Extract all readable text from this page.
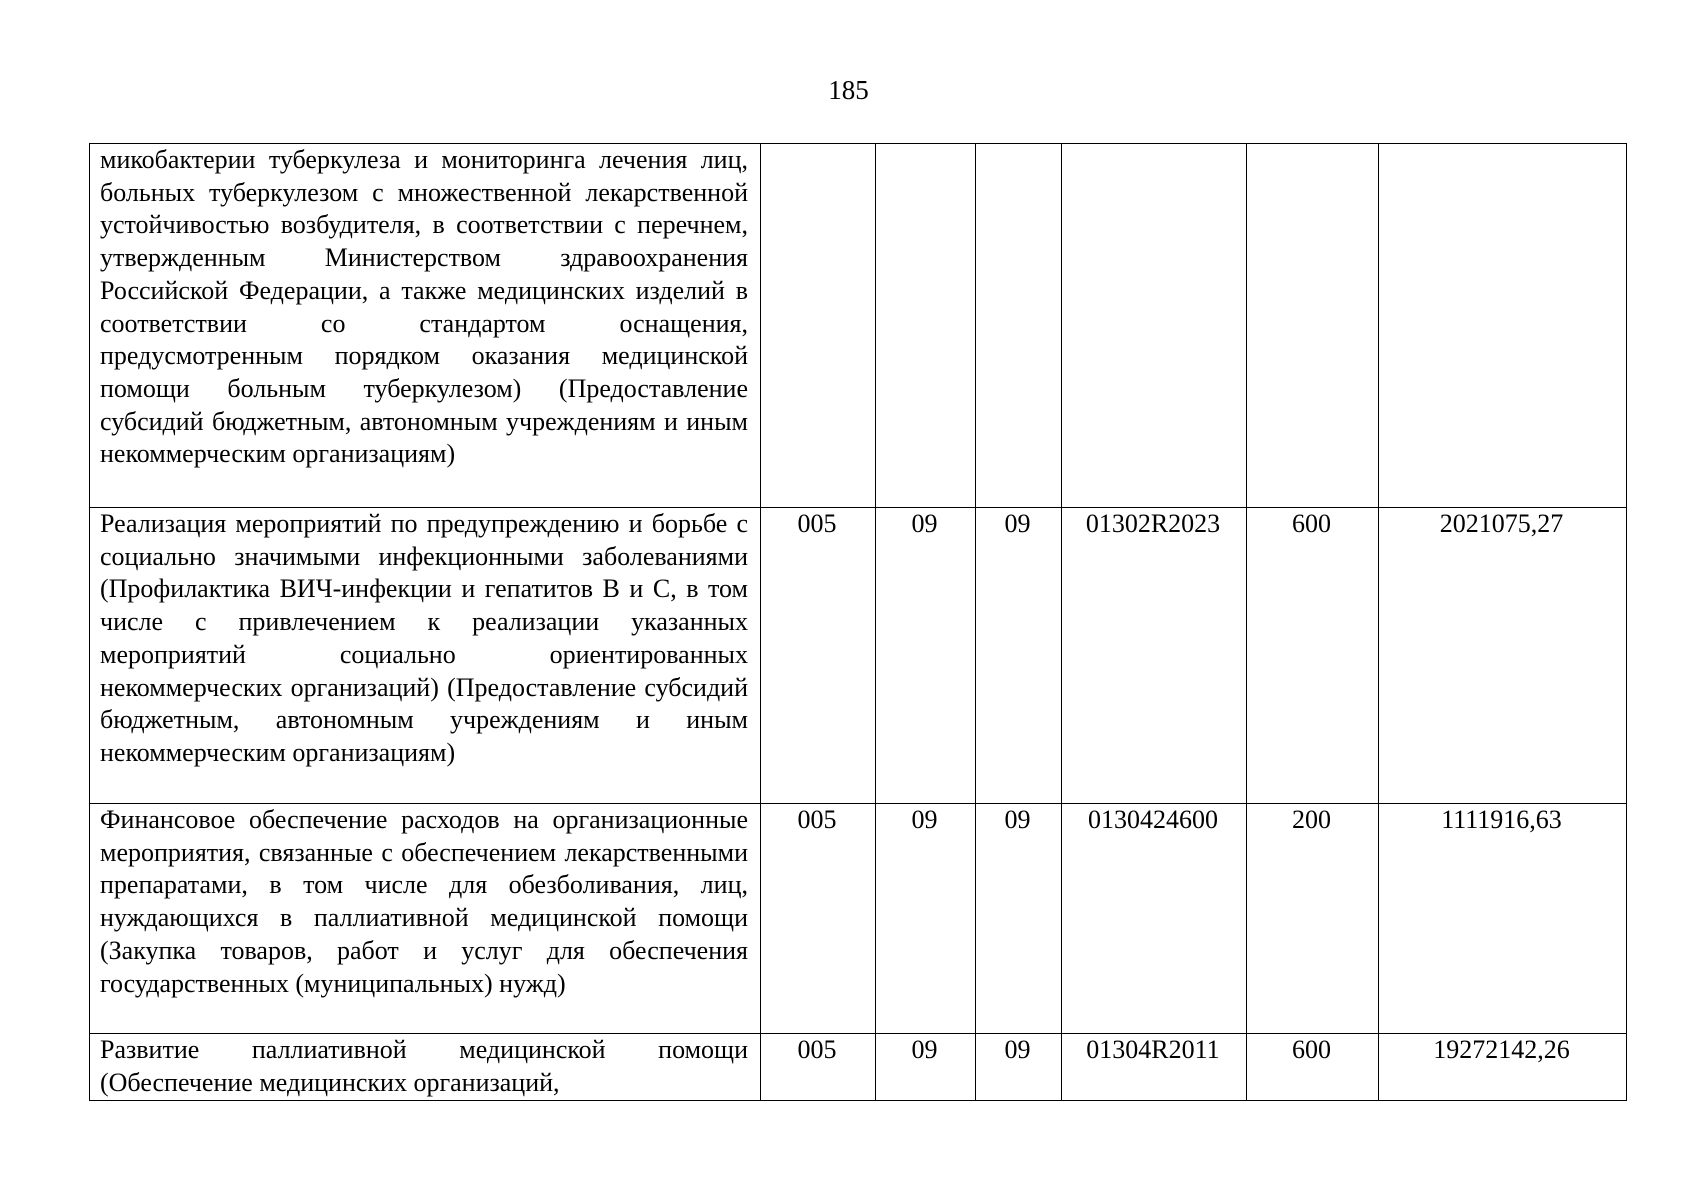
185
микобактерии туберкулеза и мониторинга лечения лиц, больных туберкулезом с множественной лекарственной устойчивостью возбудителя, в соответствии с перечнем, утвержденным Министерством здравоохранения Российской Федерации, а также медицинских изделий в соответствии со стандартом оснащения, предусмотренным порядком оказания медицинской помощи больным туберкулезом) (Предоставление субсидий бюджетным, автономным учреждениям и иным некоммерческим организациям)						
Реализация мероприятий по предупреждению и борьбе с социально значимыми инфекционными заболеваниями (Профилактика ВИЧ-инфекции и гепатитов B и C, в том числе с привлечением к реализации указанных мероприятий социально ориентированных некоммерческих организаций) (Предоставление субсидий бюджетным, автономным учреждениям и иным некоммерческим организациям)	005	09	09	01302R2023	600	2021075,27
Финансовое обеспечение расходов на организационные мероприятия, связанные с обеспечением лекарственными препаратами, в том числе для обезболивания, лиц, нуждающихся в паллиативной медицинской помощи (Закупка товаров, работ и услуг для обеспечения государственных (муниципальных) нужд)	005	09	09	0130424600	200	1111916,63
Развитие паллиативной медицинской помощи (Обеспечение медицинских организаций,	005	09	09	01304R2011	600	19272142,26
